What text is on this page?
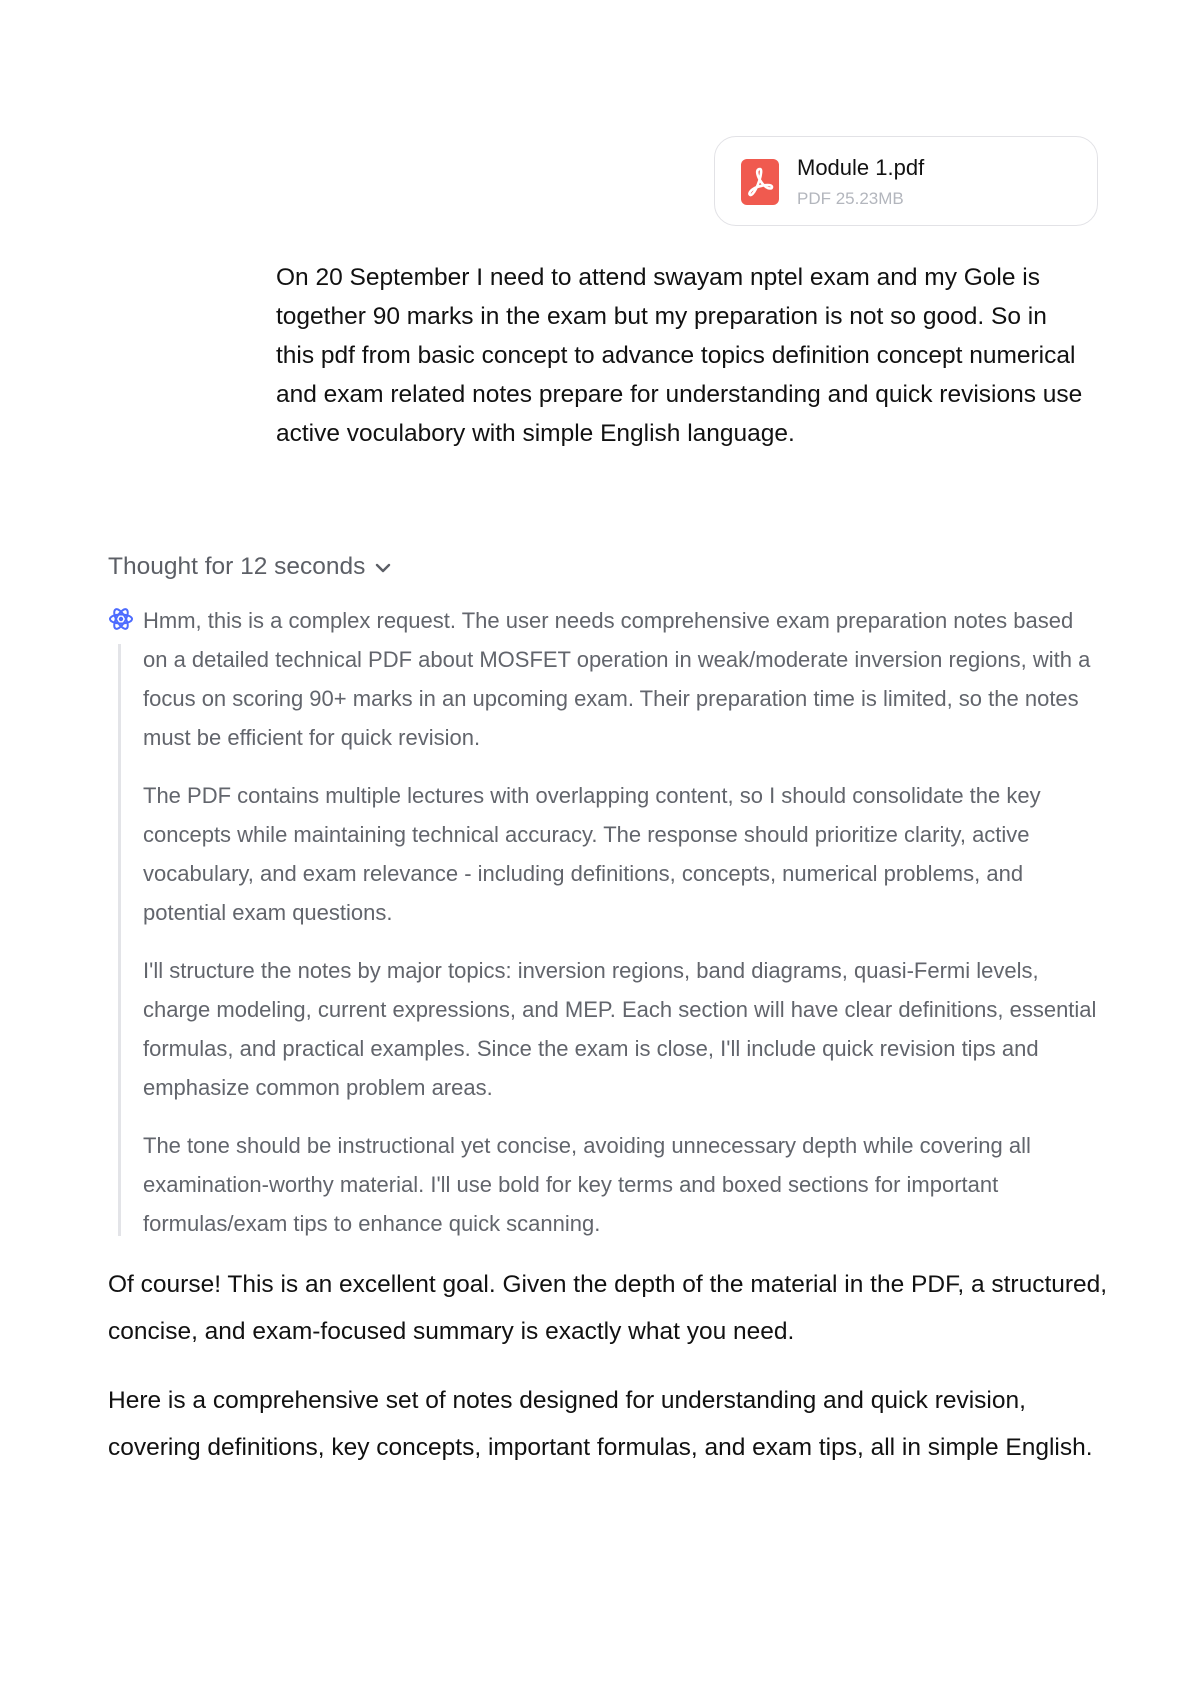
Module 1.pdf
PDF 25.23MB

On 20 September I need to attend swayam nptel exam and my Gole is together 90 marks in the exam but my preparation is not so good. So in this pdf from basic concept to advance topics definition concept numerical and exam related notes prepare for understanding and quick revisions use active voculabory with simple English language.

Thought for 12 seconds

Hmm, this is a complex request. The user needs comprehensive exam preparation notes based on a detailed technical PDF about MOSFET operation in weak/moderate inversion regions, with a focus on scoring 90+ marks in an upcoming exam. Their preparation time is limited, so the notes must be efficient for quick revision.

The PDF contains multiple lectures with overlapping content, so I should consolidate the key concepts while maintaining technical accuracy. The response should prioritize clarity, active vocabulary, and exam relevance - including definitions, concepts, numerical problems, and potential exam questions.

I'll structure the notes by major topics: inversion regions, band diagrams, quasi-Fermi levels, charge modeling, current expressions, and MEP. Each section will have clear definitions, essential formulas, and practical examples. Since the exam is close, I'll include quick revision tips and emphasize common problem areas.

The tone should be instructional yet concise, avoiding unnecessary depth while covering all examination-worthy material. I'll use bold for key terms and boxed sections for important formulas/exam tips to enhance quick scanning.

Of course! This is an excellent goal. Given the depth of the material in the PDF, a structured, concise, and exam-focused summary is exactly what you need.

Here is a comprehensive set of notes designed for understanding and quick revision, covering definitions, key concepts, important formulas, and exam tips, all in simple English.
